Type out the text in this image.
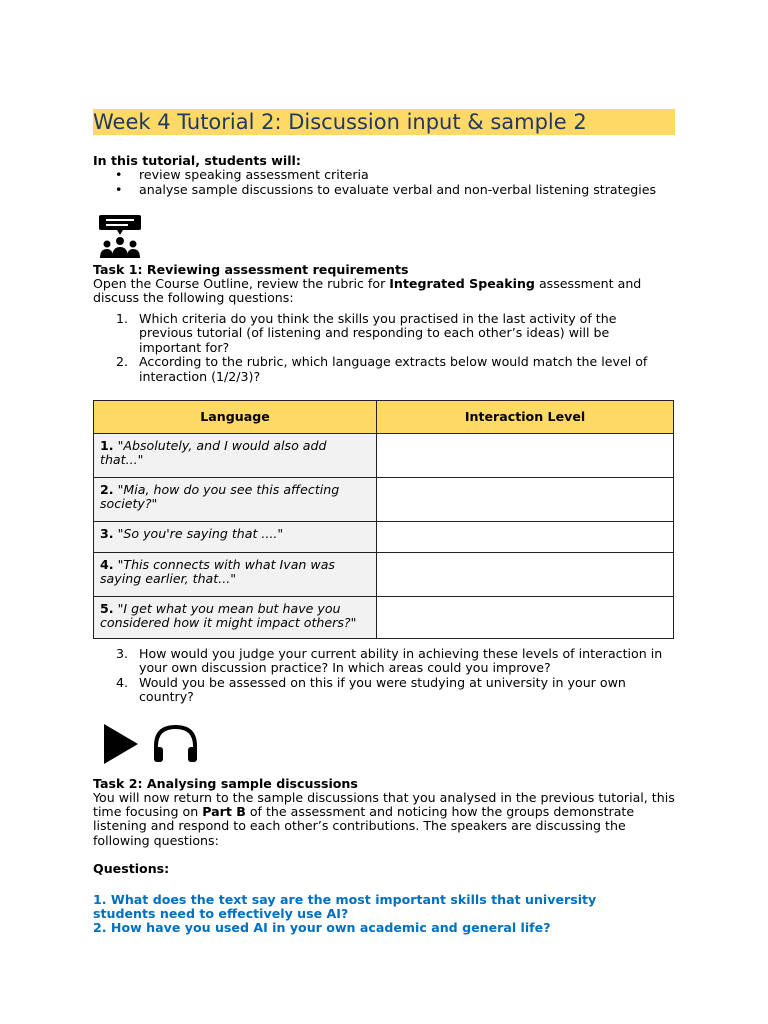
Week 4 Tutorial 2: Discussion input & sample 2
In this tutorial, students will:
• review speaking assessment criteria
• analyse sample discussions to evaluate verbal and non-verbal listening strategies
Task 1: Reviewing assessment requirements
Open the Course Outline, review the rubric for Integrated Speaking assessment and discuss the following questions:
1. Which criteria do you think the skills you practised in the last activity of the previous tutorial (of listening and responding to each other’s ideas) will be important for?
2. According to the rubric, which language extracts below would match the level of interaction (1/2/3)?
Language	Interaction Level
1. "Absolutely, and I would also add that..."	
2. "Mia, how do you see this affecting society?"	
3. "So you're saying that ...."	
4. "This connects with what Ivan was saying earlier, that..."	
5. "I get what you mean but have you considered how it might impact others?"	
3. How would you judge your current ability in achieving these levels of interaction in your own discussion practice? In which areas could you improve?
4. Would you be assessed on this if you were studying at university in your own country?
Task 2: Analysing sample discussions
You will now return to the sample discussions that you analysed in the previous tutorial, this time focusing on Part B of the assessment and noticing how the groups demonstrate listening and respond to each other’s contributions. The speakers are discussing the following questions:
Questions:
1. What does the text say are the most important skills that university students need to effectively use AI?
2. How have you used AI in your own academic and general life?
